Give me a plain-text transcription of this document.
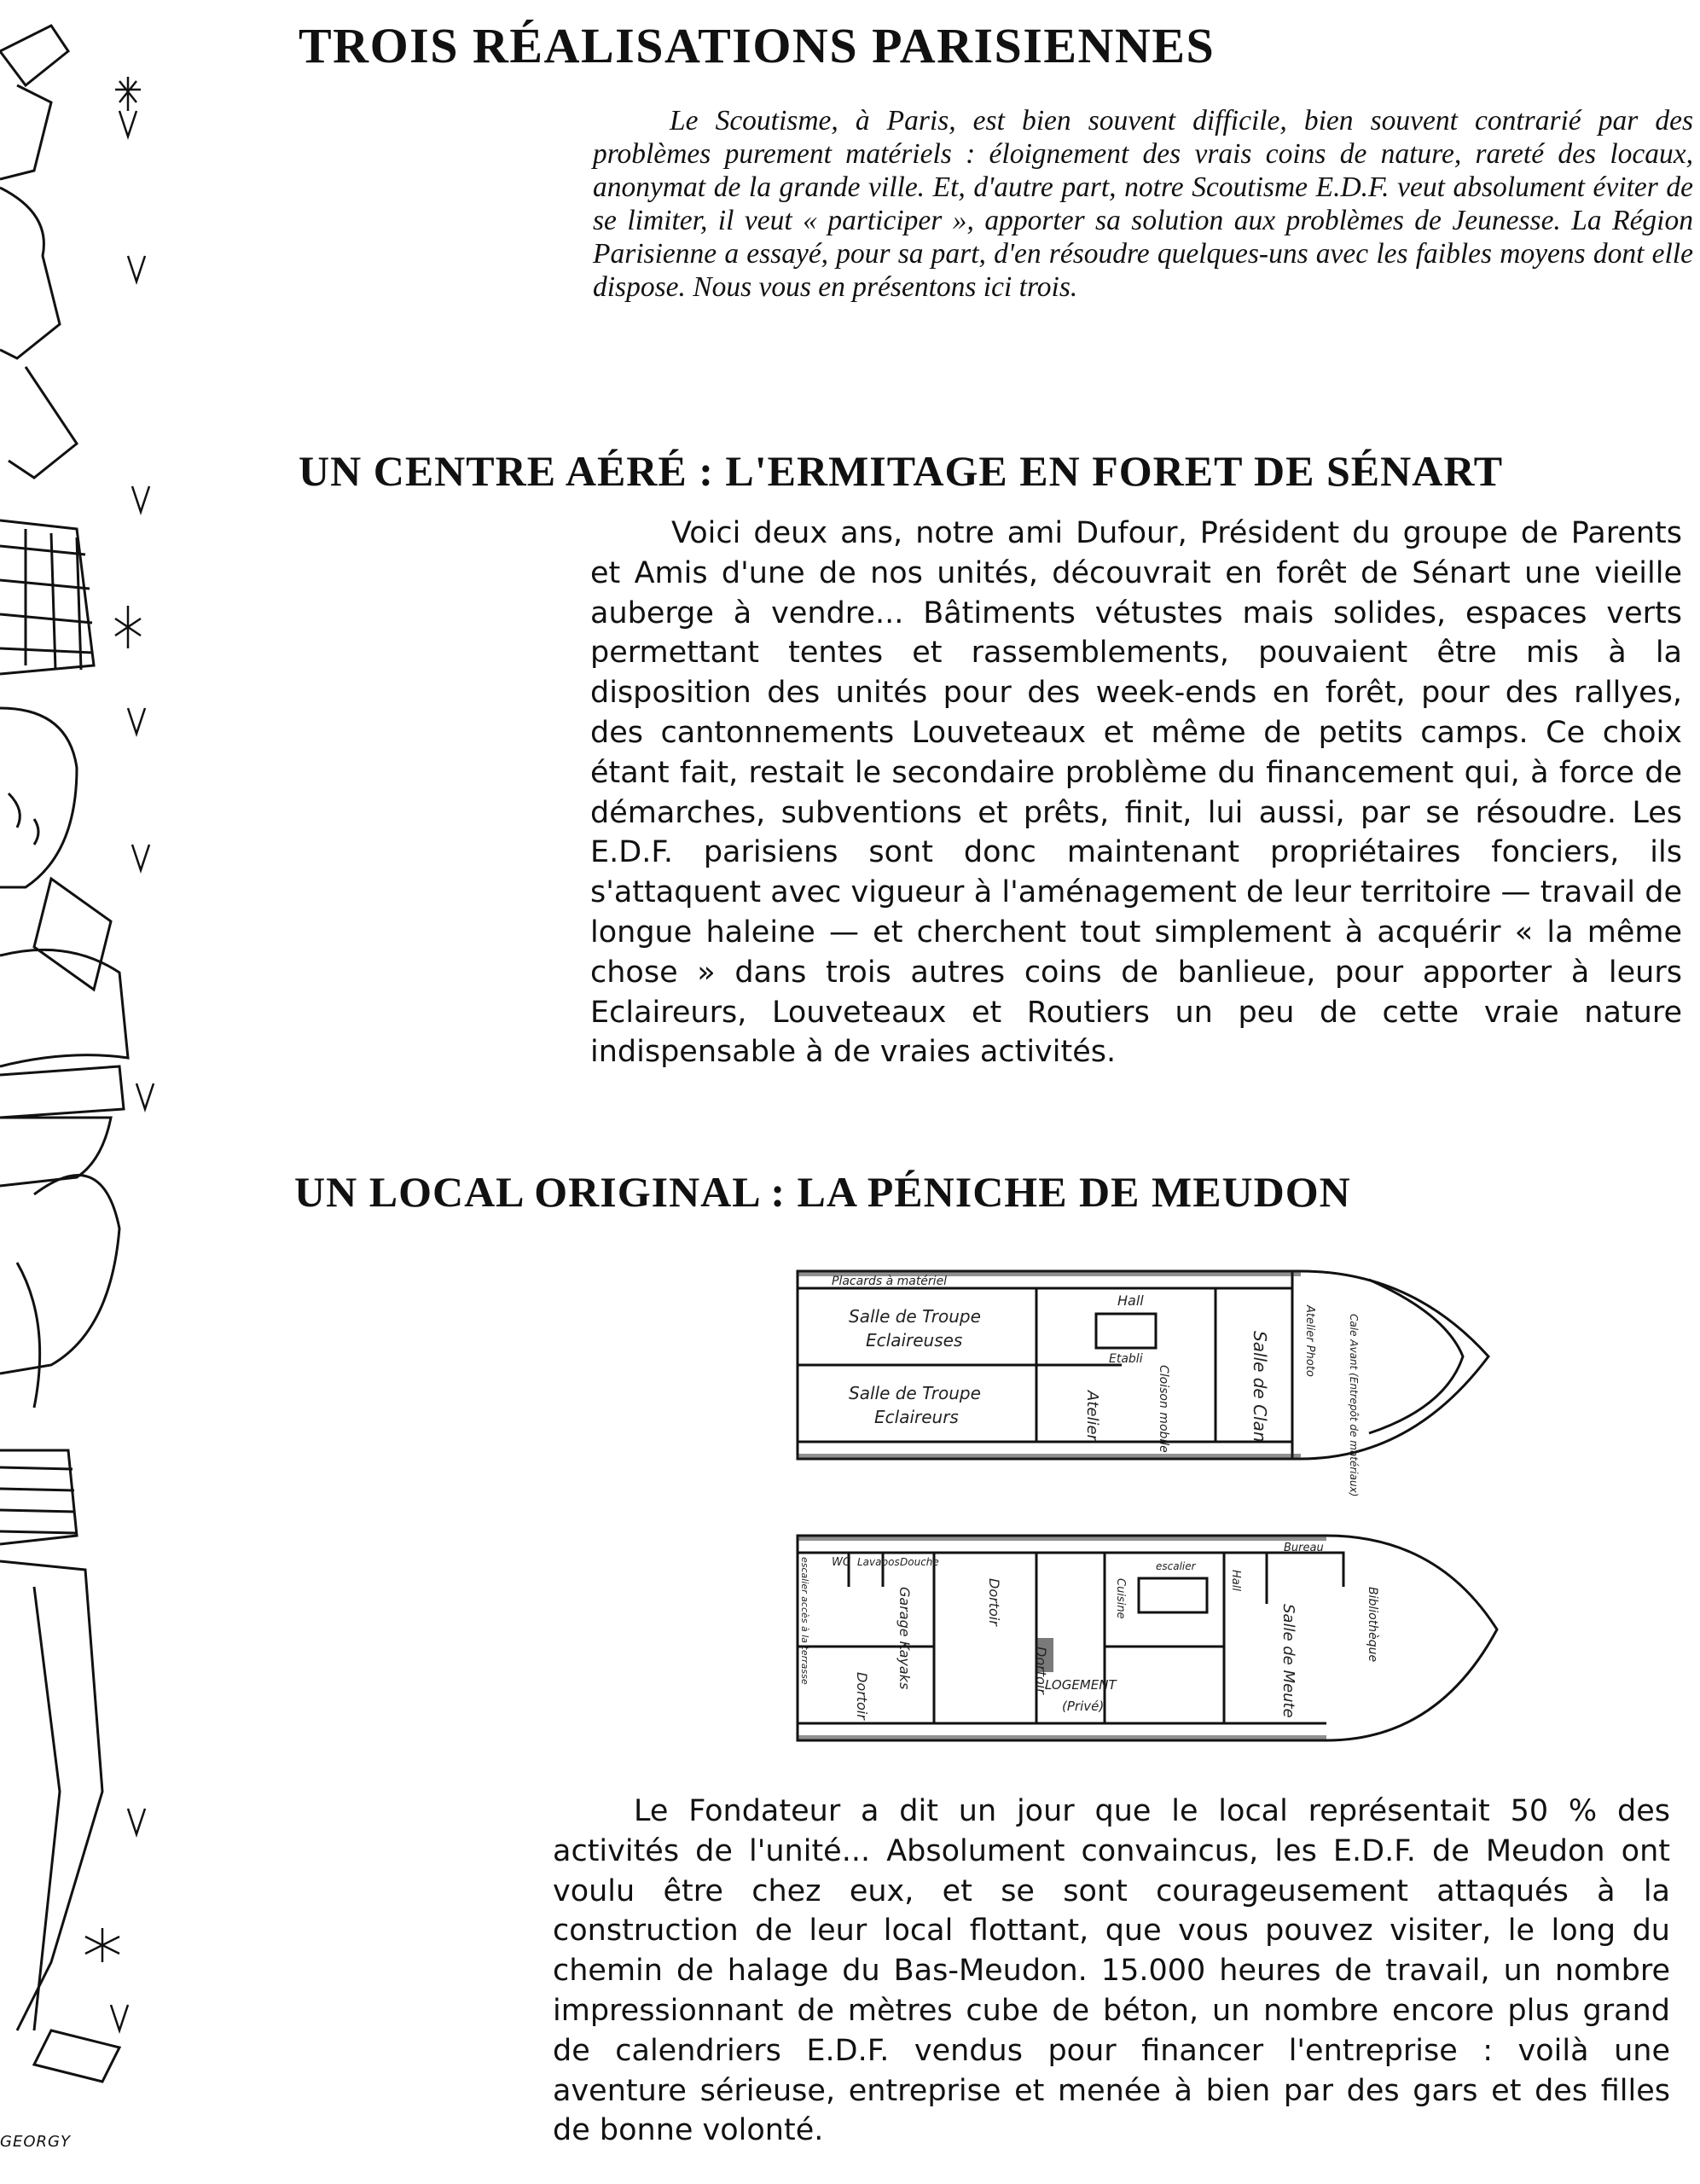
GEORGY
TROIS RÉALISATIONS PARISIENNES

Le Scoutisme, à Paris, est bien souvent difficile, bien souvent contrarié par des problèmes purement matériels : éloignement des vrais coins de nature, rareté des locaux, anonymat de la grande ville. Et, d'autre part, notre Scoutisme E.D.F. veut absolument éviter de se limiter, il veut « participer », apporter sa solution aux problèmes de Jeunesse. La Région Parisienne a essayé, pour sa part, d'en résoudre quelques-uns avec les faibles moyens dont elle dispose. Nous vous en présentons ici trois.

UN CENTRE AÉRÉ : L'ERMITAGE EN FORET DE SÉNART

Voici deux ans, notre ami Dufour, Président du groupe de Parents et Amis d'une de nos unités, découvrait en forêt de Sénart une vieille auberge à vendre... Bâtiments vétustes mais solides, espaces verts permettant tentes et rassemblements, pouvaient être mis à la disposition des unités pour des week-ends en forêt, pour des rallyes, des cantonnements Louveteaux et même de petits camps. Ce choix étant fait, restait le secondaire problème du financement qui, à force de démarches, subventions et prêts, finit, lui aussi, par se résoudre. Les E.D.F. parisiens sont donc maintenant propriétaires fonciers, ils s'attaquent avec vigueur à l'aménagement de leur territoire — travail de longue haleine — et cherchent tout simplement à acquérir « la même chose » dans trois autres coins de banlieue, pour apporter à leurs Eclaireurs, Louveteaux et Routiers un peu de cette vraie nature indispensable à de vraies activités.

UN LOCAL ORIGINAL : LA PÉNICHE DE MEUDON
Placards à matériel
Salle de Troupe
Eclaireuses
Salle de Troupe
Eclaireurs
Hall
Etabli
Atelier	Cloison mobile	Salle de Clan	Atelier Photo	Cale Avant (Entrepôt de matériaux)
escalier accès à la terrasse WC Lavabos Douche
Garage Kayaks
Dortoir
Dortoir	Cuisine
escalier
LOGEMENT
(Privé)
Hall
Bureau
Salle de Meute	Bibliothèque
Dortoir

Le Fondateur a dit un jour que le local représentait 50 % des activités de l'unité... Absolument convaincus, les E.D.F. de Meudon ont voulu être chez eux, et se sont courageusement attaqués à la construction de leur local flottant, que vous pouvez visiter, le long du chemin de halage du Bas-Meudon. 15.000 heures de travail, un nombre impressionnant de mètres cube de béton, un nombre encore plus grand de calendriers E.D.F. vendus pour financer l'entreprise : voilà une aventure sérieuse, entreprise et menée à bien par des gars et des filles de bonne volonté.
